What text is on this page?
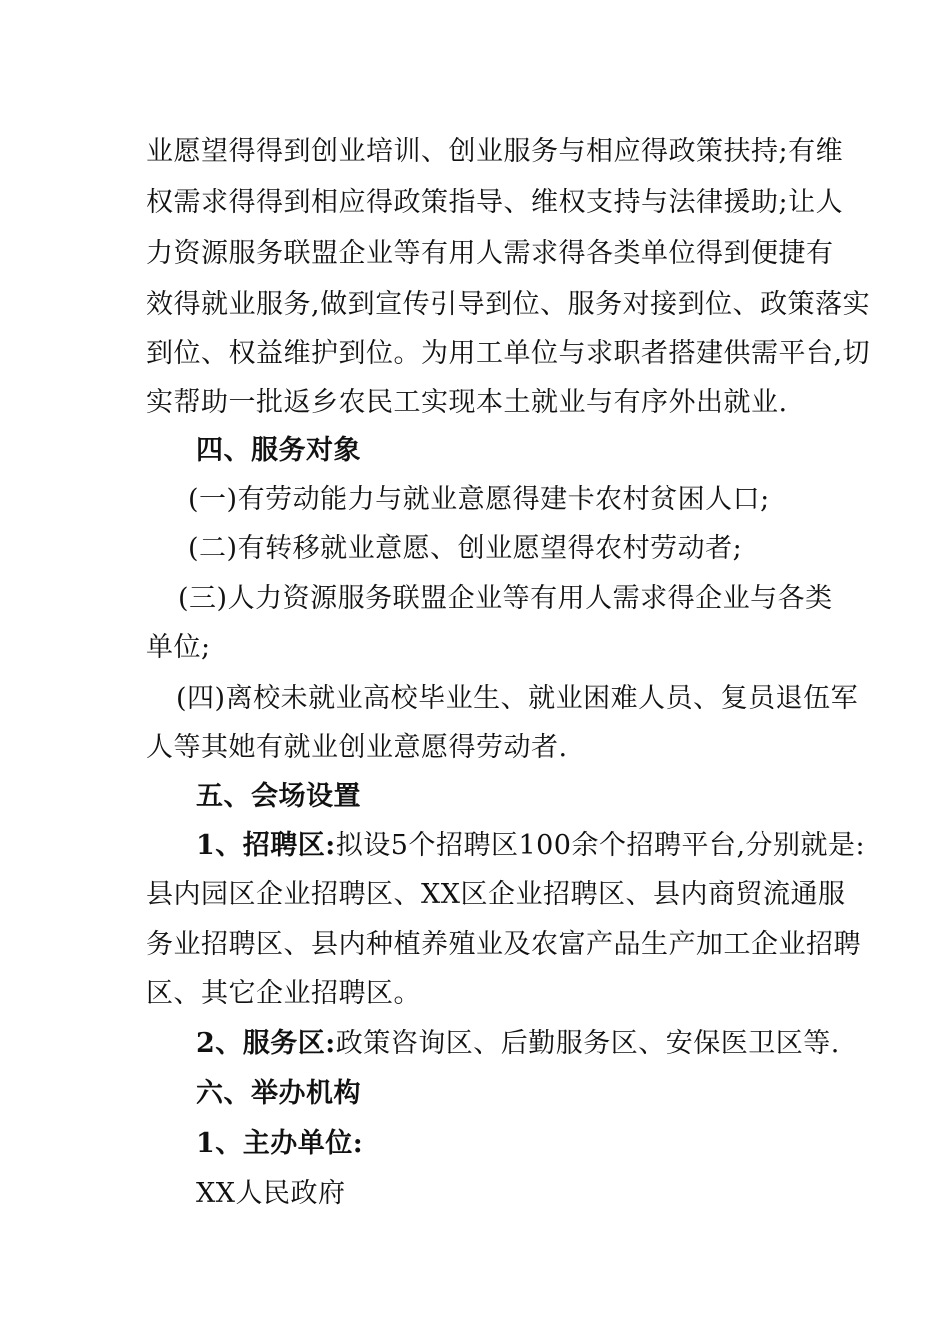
业愿望得得到创业培训、创业服务与相应得政策扶持;有维
权需求得得到相应得政策指导、维权支持与法律援助;让人
力资源服务联盟企业等有用人需求得各类单位得到便捷有
效得就业服务,做到宣传引导到位、服务对接到位、政策落实
到位、权益维护到位。为用工单位与求职者搭建供需平台,切
实帮助一批返乡农民工实现本土就业与有序外出就业.
四、服务对象
(一)有劳动能力与就业意愿得建卡农村贫困人口;
(二)有转移就业意愿、创业愿望得农村劳动者;
(三)人力资源服务联盟企业等有用人需求得企业与各类
单位;
(四)离校未就业高校毕业生、就业困难人员、复员退伍军
人等其她有就业创业意愿得劳动者.
五、会场设置
1、招聘区:拟设5个招聘区100余个招聘平台,分别就是:
县内园区企业招聘区、XX区企业招聘区、县内商贸流通服
务业招聘区、县内种植养殖业及农富产品生产加工企业招聘
区、其它企业招聘区。
2、服务区:政策咨询区、后勤服务区、安保医卫区等.
六、举办机构
1、主办单位:
XX人民政府
